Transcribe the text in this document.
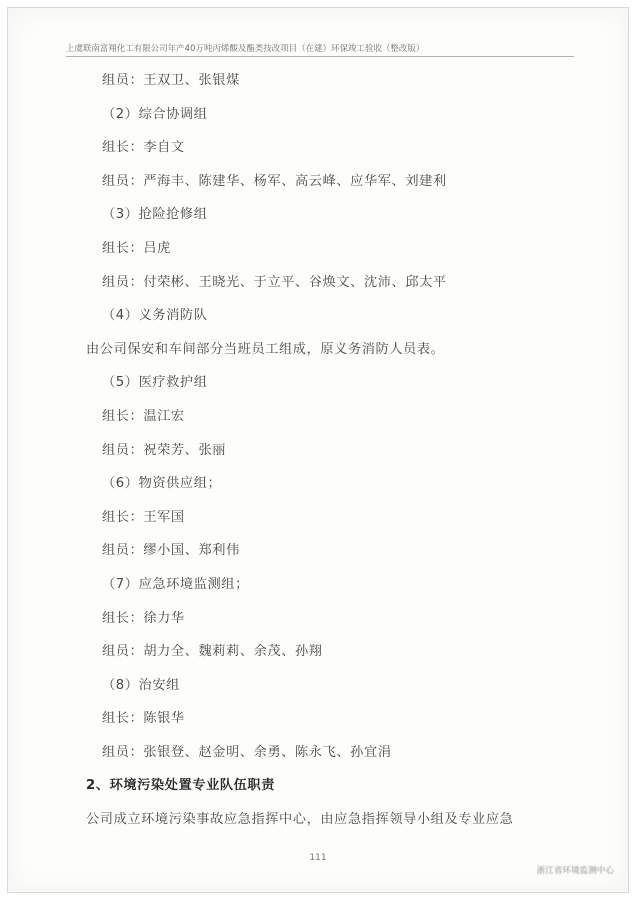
上虞联南富翔化工有限公司年产40万吨丙烯酸及酯类技改项目（在建）环保竣工验收（整改版）

组员：王双卫、张银煤

（2）综合协调组

组长：李自文

组员：严海丰、陈建华、杨军、高云峰、应华军、刘建利

（3）抢险抢修组

组长：吕虎

组员：付荣彬、王晓光、于立平、谷焕文、沈沛、邱太平

（4）义务消防队

由公司保安和车间部分当班员工组成，原义务消防人员表。

（5）医疗救护组

组长：温江宏

组员：祝荣芳、张丽

（6）物资供应组；

组长：王军国

组员：缪小国、郑利伟

（7）应急环境监测组；

组长：徐力华

组员：胡力全、魏莉莉、余茂、孙翔

（8）治安组

组长：陈银华

组员：张银登、赵金明、余勇、陈永飞、孙宜涓

2、环境污染处置专业队伍职责

公司成立环境污染事故应急指挥中心，由应急指挥领导小组及专业应急

111
浙江省环境监测中心
